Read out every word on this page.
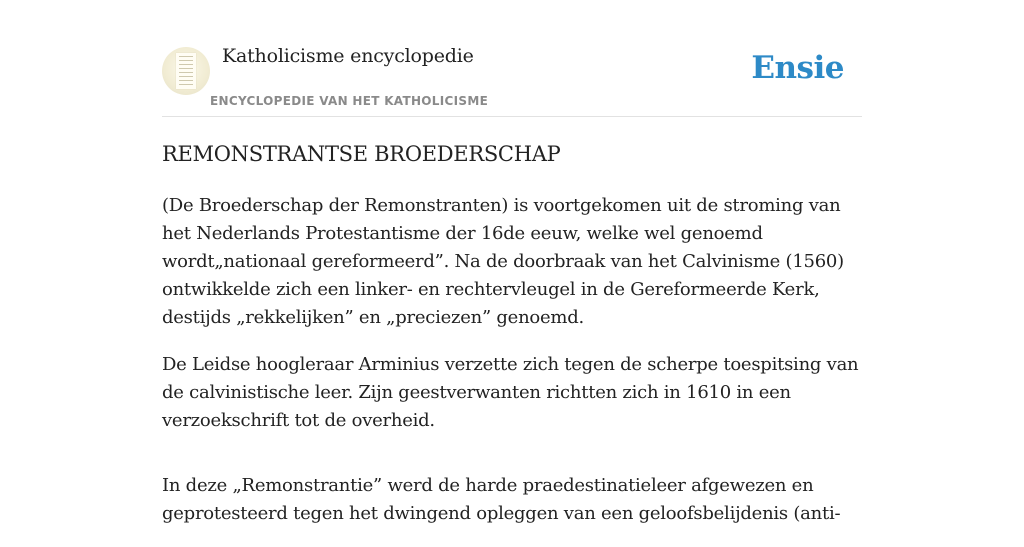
Katholicisme encyclopedie
ENCYCLOPEDIE VAN HET KATHOLICISME
Ensie
REMONSTRANTSE BROEDERSCHAP

(De Broederschap der Remonstranten) is voortgekomen uit de stroming van het Nederlands Protestantisme der 16de eeuw, welke wel genoemd wordt„nationaal gereformeerd”. Na de doorbraak van het Calvinisme (1560) ontwikkelde zich een linker- en rechtervleugel in de Gereformeerde Kerk, destijds „rekkelijken” en „preciezen” genoemd.

De Leidse hoogleraar Arminius verzette zich tegen de scherpe toespitsing van de calvinistische leer. Zijn geestverwanten richtten zich in 1610 in een verzoekschrift tot de overheid.

In deze „Remonstrantie” werd de harde praedestinatieleer afgewezen en geprotesteerd tegen het dwingend opleggen van een geloofsbelijdenis (anti-
